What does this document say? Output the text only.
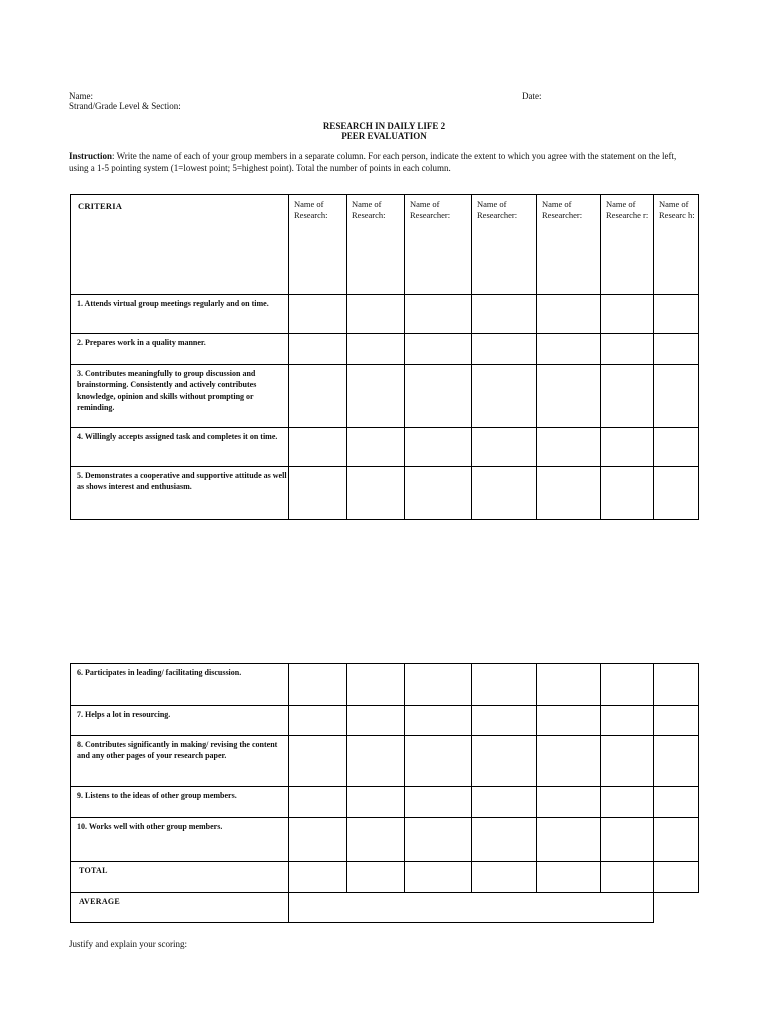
Name:	Date:
Strand/Grade Level & Section:
RESEARCH IN DAILY LIFE 2
PEER EVALUATION
Instruction: Write the name of each of your group members in a separate column. For each person, indicate the extent to which you agree with the statement on the left,
using a 1-5 pointing system (1=lowest point; 5=highest point). Total the number of points in each column.
CRITERIA	Name of Research:	Name of Research:	Name of Researcher:	Name of Researcher:	Name of Researcher:	Name of Researche r:	Name of Researc h:
1. Attends virtual group meetings regularly and on time.							
2. Prepares work in a quality manner.							
3. Contributes meaningfully to group discussion and brainstorming. Consistently and actively contributes knowledge, opinion and skills without prompting or reminding.							
4. Willingly accepts assigned task and completes it on time.							
5. Demonstrates a cooperative and supportive attitude as well as shows interest and enthusiasm.							
6. Participates in leading/ facilitating discussion.							
7. Helps a lot in resourcing.							
8. Contributes significantly in making/ revising the content and any other pages of your research paper.							
9. Listens to the ideas of other group members.							
10. Works well with other group members.							
TOTAL							
AVERAGE							
Justify and explain your scoring:
